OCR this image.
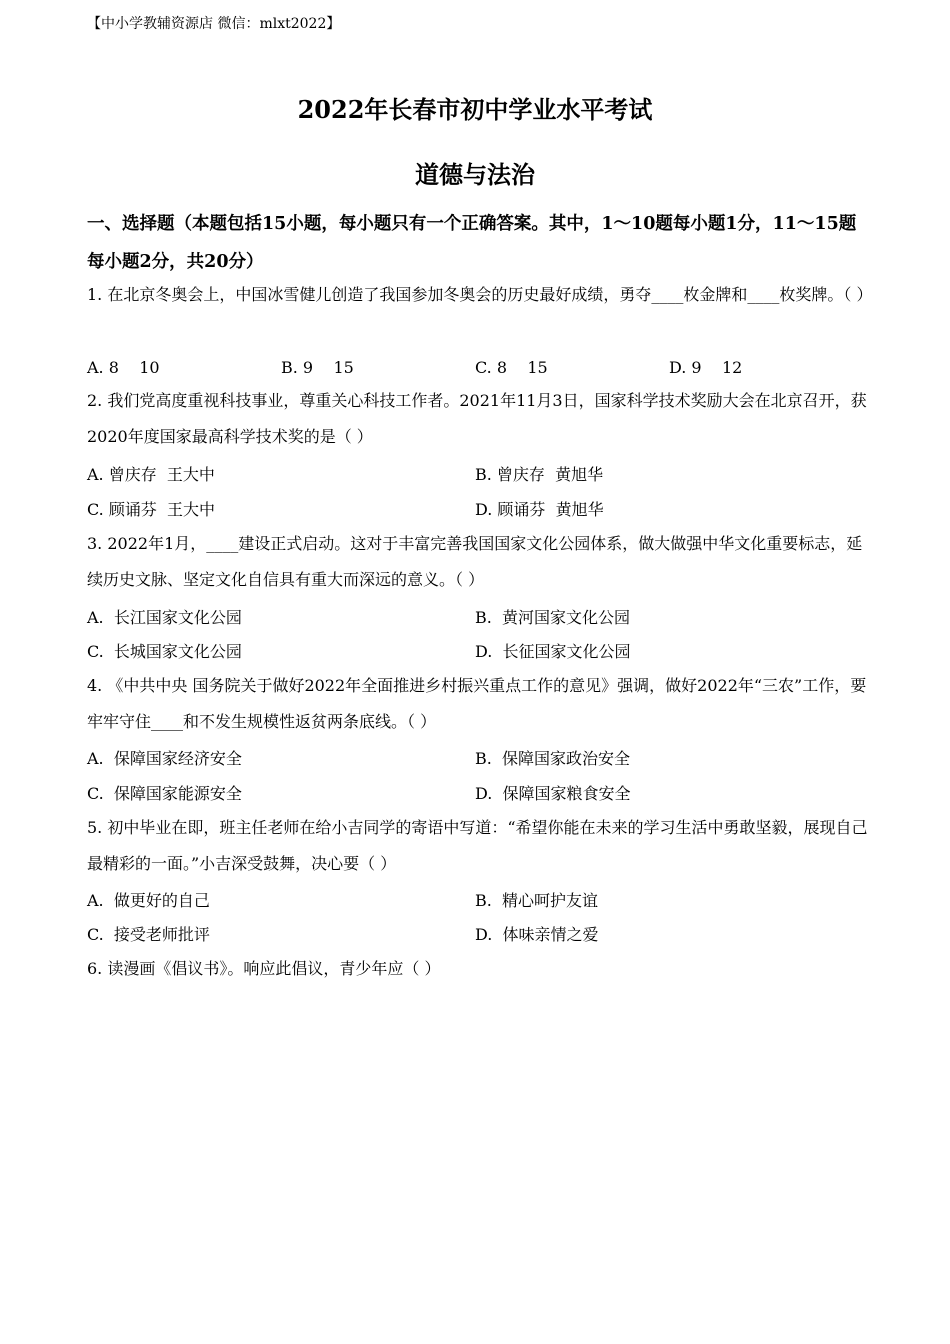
【中小学教辅资源店 微信：mlxt2022】
2022年长春市初中学业水平考试
道德与法治
一、选择题（本题包括15小题，每小题只有一个正确答案。其中，1～10题每小题1分，11～15题每小题2分，共20分）
1. 在北京冬奥会上，中国冰雪健儿创造了我国参加冬奥会的历史最好成绩，勇夺____枚金牌和____枚奖牌。（ ）
A. 8    10	B. 9    15	C. 8    15	D. 9    12
2. 我们党高度重视科技事业，尊重关心科技工作者。2021年11月3日，国家科学技术奖励大会在北京召开，获2020年度国家最高科学技术奖的是（ ）
A. 曾庆存  王大中	B. 曾庆存  黄旭华
C. 顾诵芬  王大中	D. 顾诵芬  黄旭华
3. 2022年1月，____建设正式启动。这对于丰富完善我国国家文化公园体系，做大做强中华文化重要标志，延续历史文脉、坚定文化自信具有重大而深远的意义。（ ）
A.  长江国家文化公园	B.  黄河国家文化公园
C.  长城国家文化公园	D.  长征国家文化公园
4. 《中共中央 国务院关于做好2022年全面推进乡村振兴重点工作的意见》强调，做好2022年“三农”工作，要牢牢守住____和不发生规模性返贫两条底线。（ ）
A.  保障国家经济安全	B.  保障国家政治安全
C.  保障国家能源安全	D.  保障国家粮食安全
5. 初中毕业在即，班主任老师在给小吉同学的寄语中写道：“希望你能在未来的学习生活中勇敢坚毅，展现自己最精彩的一面。”小吉深受鼓舞，决心要（ ）
A.  做更好的自己	B.  精心呵护友谊
C.  接受老师批评	D.  体味亲情之爱
6. 读漫画《倡议书》。响应此倡议，青少年应（ ）
